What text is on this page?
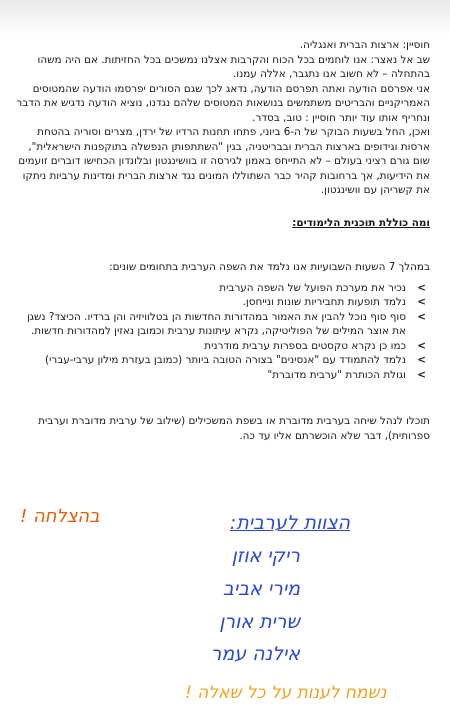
חוסיין: ארצות הברית ואנגליה.

שב אל נאצר: אנו לוחמים בכל הכוח והקרבות אצלנו נמשכים בכל החזיתות. אם היה משהו בהתחלה – לא חשוב אנו נתגבר, אללה עמנו.

אני אפרסם הודעה ואתה תפרסם הודעה, נדאג לכך שגם הסורים יפרסמו הודעה שהמטוסים האמריקניים והבריטים משתמשים בנושאות המטוסים שלהם נגדנו, נוציא הודעה נדגיש את הדבר ונחריף אותו עוד יותר חוסיין : טוב, בסדר.

ואכן, החל בשעות הבוקר של ה-6 ביוני, פתחו תחנות הרדיו של ירדן, מצרים וסוריה בהטחת ארסות וגידופים בארצות הברית ובבריטניה, בגין "השתתפותן הנפשלה בתוקפנות הישראלית", שום גורם רציני בעולם – לא התייחס באמון לגירסה זו בוושינגטון ובלונדון הכחישו דוברים זועמים את הידיעות, אך ברחובות קהיר כבר השתוללו המונים נגד ארצות הברית ומדינות ערביות ניתקו את קשריהן עם וושינגטון.

ומה כוללת תוכנית הלימודים:

במהלך 7 השעות השבועיות אנו נלמד את השפה הערבית בתחומים שונים:

> נכיר את מערכת הפועל של השפה הערבית
> נלמד תופעות תחביריות שונות ונייחסן.
> סוף סוף נוכל להבין את האמור במהדורות החדשות הן בטלוויזיה והן ברדיו. הכיצד? נשגן את אוצר המילים של הפוליטיקה, נקרא עיתונות ערבית וכמובן נאזין למהדורות חדשות.
> כמו כן נקרא טקסטים בספרות ערבית מודרנית
> נלמד להתמודד עם "אנסינים" בצורה הטובה ביותר (כמובן בעזרת מילון ערבי-עברי)
> וגולת הכותרת "ערבית מדוברת"

תוכלו לנהל שיחה בערבית מדוברת או בשפת המשכילים (שילוב של ערבית מדוברת וערבית ספרותית), דבר שלא הוכשרתם אליו עד כה.

הצוות לערבית:
ריקי אוזן
מירי אביב
שרית אורן
אילנה עמר
בהצלחה !
נשמח לענות על כל שאלה !
